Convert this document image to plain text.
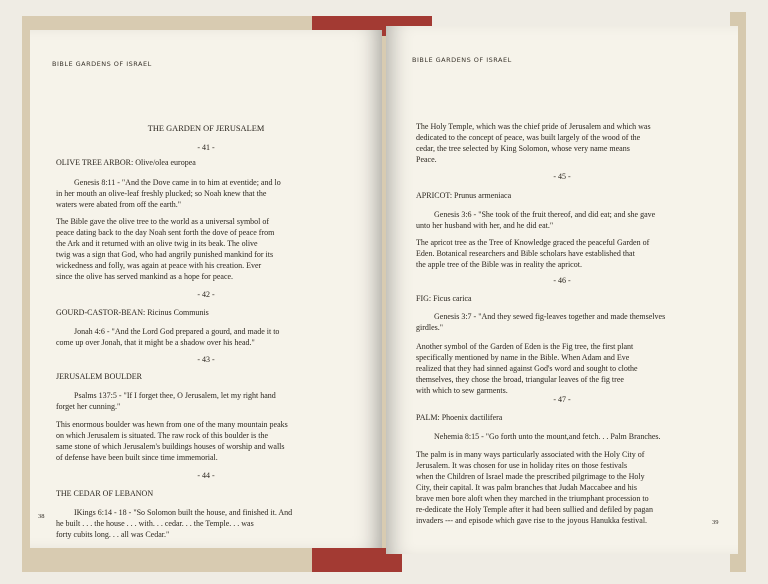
BIBLE GARDENS OF ISRAEL
THE GARDEN OF JERUSALEM
- 41 -
OLIVE TREE ARBOR: Olive/olea europea
Genesis 8:11 - "And the Dove came in to him at eventide; and lo
in her mouth an olive-leaf freshly plucked; so Noah knew that the
waters were abated from off the earth."
The Bible gave the olive tree to the world as a universal symbol of
peace dating back to the day Noah sent forth the dove of peace from
the Ark and it returned with an olive twig in its beak. The olive
twig was a sign that God, who had angrily punished mankind for its
wickedness and folly, was again at peace with his creation. Ever
since the olive has served mankind as a hope for peace.
- 42 -
GOURD-CASTOR-BEAN: Ricinus Communis
Jonah 4:6 - "And the Lord God prepared a gourd, and made it to
come up over Jonah, that it might be a shadow over his head."
- 43 -
JERUSALEM BOULDER
Psalms 137:5 - "If I forget thee, O Jerusalem, let my right hand
forget her cunning."
This enormous boulder was hewn from one of the many mountain peaks
on which Jerusalem is situated. The raw rock of this boulder is the
same stone of which Jerusalem's buildings houses of worship and walls
of defense have been built since time immemorial.
- 44 -
THE CEDAR OF LEBANON
IKings 6:14 - 18 - "So Solomon built the house, and finished it. And
he built . . . the house . . . with. . . cedar. . . the Temple. . . was
forty cubits long. . . all was Cedar."
38
BIBLE GARDENS OF ISRAEL
The Holy Temple, which was the chief pride of Jerusalem and which was
dedicated to the concept of peace, was built largely of the wood of the
cedar, the tree selected by King Solomon, whose very name means
Peace.
- 45 -
APRICOT: Prunus armeniaca
Genesis 3:6 - "She took of the fruit thereof, and did eat; and she gave
unto her husband with her, and he did eat."
The apricot tree as the Tree of Knowledge graced the peaceful Garden of
Eden. Botanical researchers and Bible scholars have established that
the apple tree of the Bible was in reality the apricot.
- 46 -
FIG: Ficus carica
Genesis 3:7 - "And they sewed fig-leaves together and made themselves
girdles."
Another symbol of the Garden of Eden is the Fig tree, the first plant
specifically mentioned by name in the Bible. When Adam and Eve
realized that they had sinned against God's word and sought to clothe
themselves, they chose the broad, triangular leaves of the fig tree
with which to sew garments.
- 47 -
PALM: Phoenix dactilifera
Nehemia 8:15 - "Go forth unto the mount,and fetch. . . Palm Branches.
The palm is in many ways particularly associated with the Holy City of
Jerusalem. It was chosen for use in holiday rites on those festivals
when the Children of Israel made the prescribed pilgrimage to the Holy
City, their capital. It was palm branches that Judah Maccabee and his
brave men bore aloft when they marched in the triumphant procession to
re-dedicate the Holy Temple after it had been sullied and defiled by pagan
invaders --- and episode which gave rise to the joyous Hanukka festival.	39
